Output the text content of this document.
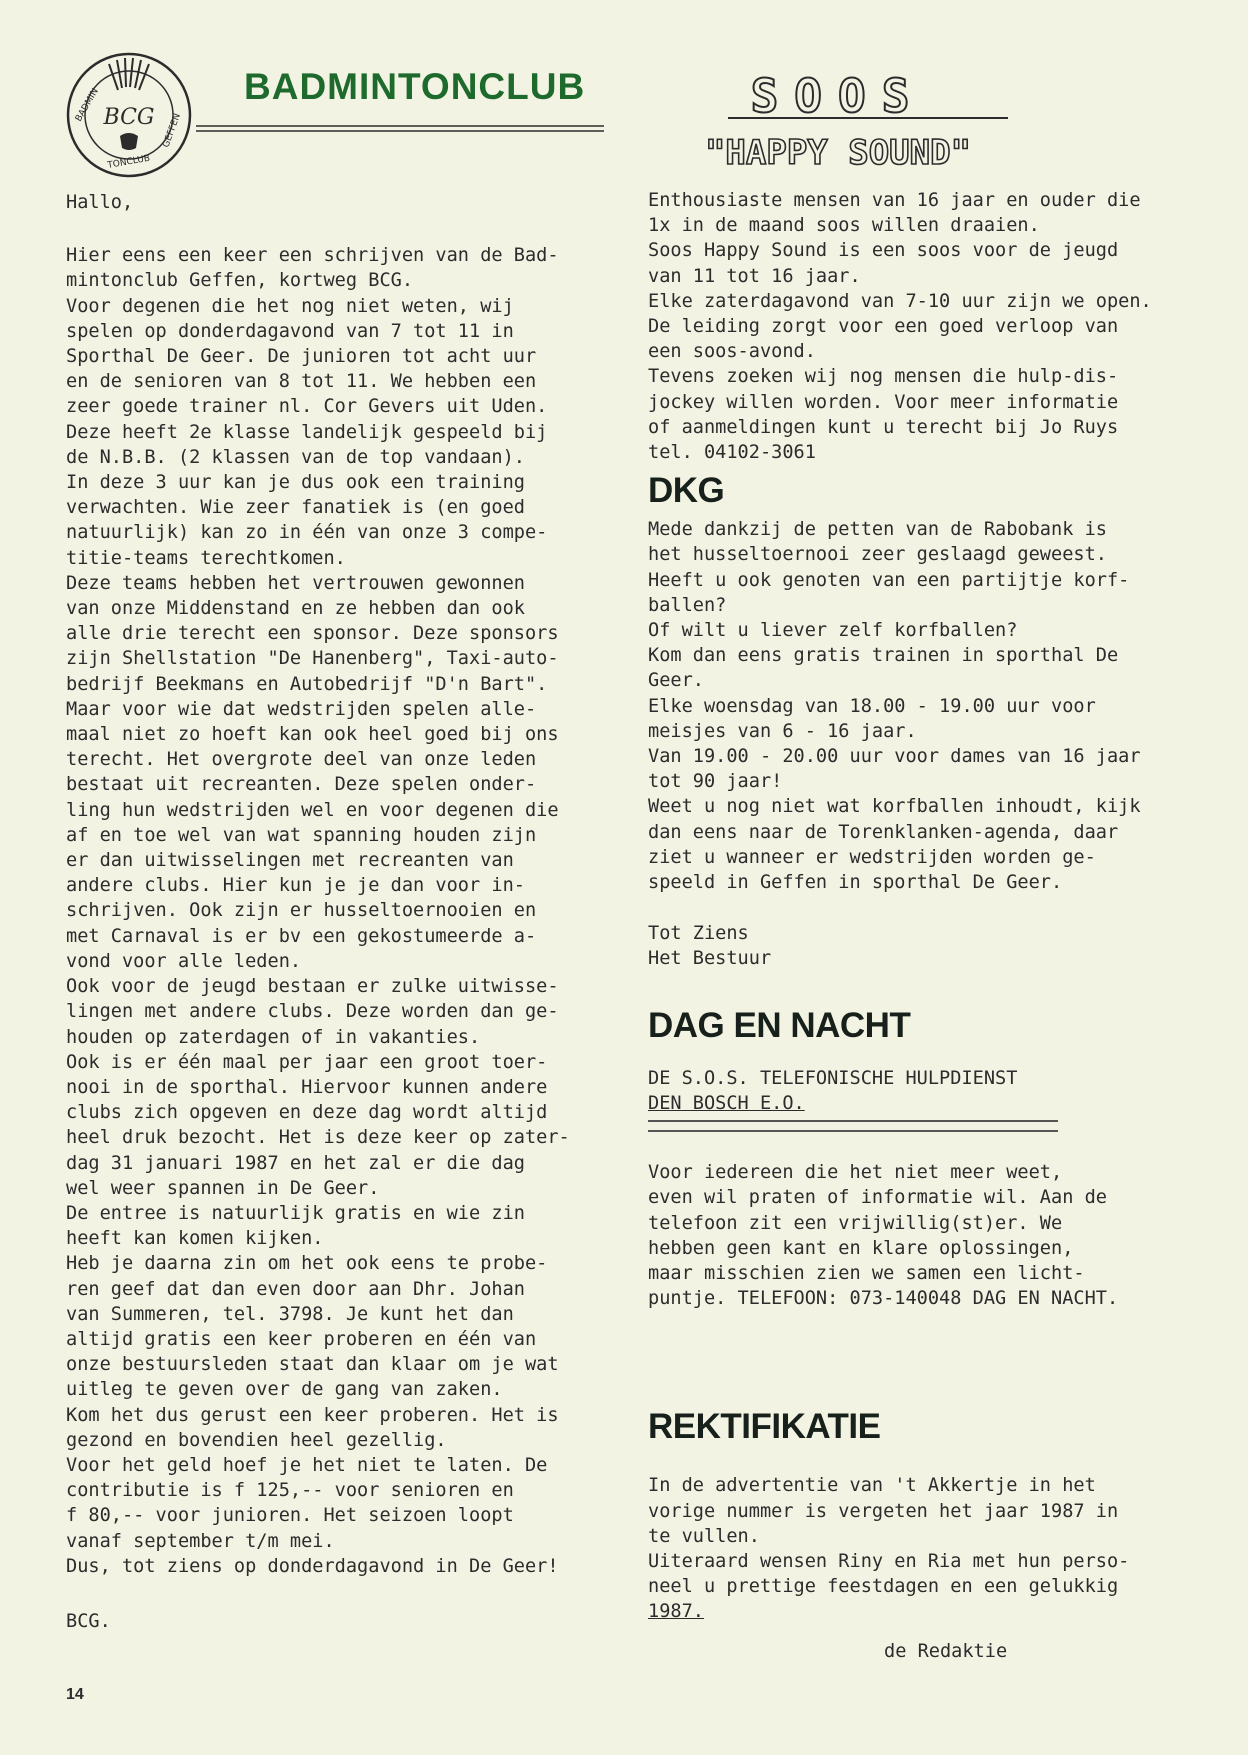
BCG
BADMIN
TONCLUB
GEFFEN
BADMINTONCLUB

Hallo,

Hier eens een keer een schrijven van de Bad-
mintonclub Geffen, kortweg BCG.
Voor degenen die het nog niet weten, wij
spelen op donderdagavond van 7 tot 11 in
Sporthal De Geer. De junioren tot acht uur
en de senioren van 8 tot 11. We hebben een
zeer goede trainer nl. Cor Gevers uit Uden.
Deze heeft 2e klasse landelijk gespeeld bij
de N.B.B. (2 klassen van de top vandaan).
In deze 3 uur kan je dus ook een training
verwachten. Wie zeer fanatiek is (en goed
natuurlijk) kan zo in één van onze 3 compe-
titie-teams terechtkomen.
Deze teams hebben het vertrouwen gewonnen
van onze Middenstand en ze hebben dan ook
alle drie terecht een sponsor. Deze sponsors
zijn Shellstation "De Hanenberg", Taxi-auto-
bedrijf Beekmans en Autobedrijf "D'n Bart".
Maar voor wie dat wedstrijden spelen alle-
maal niet zo hoeft kan ook heel goed bij ons
terecht. Het overgrote deel van onze leden
bestaat uit recreanten. Deze spelen onder-
ling hun wedstrijden wel en voor degenen die
af en toe wel van wat spanning houden zijn
er dan uitwisselingen met recreanten van
andere clubs. Hier kun je je dan voor in-
schrijven. Ook zijn er husseltoernooien en
met Carnaval is er bv een gekostumeerde a-
vond voor alle leden.
Ook voor de jeugd bestaan er zulke uitwisse-
lingen met andere clubs. Deze worden dan ge-
houden op zaterdagen of in vakanties.
Ook is er één maal per jaar een groot toer-
nooi in de sporthal. Hiervoor kunnen andere
clubs zich opgeven en deze dag wordt altijd
heel druk bezocht. Het is deze keer op zater-
dag 31 januari 1987 en het zal er die dag
wel weer spannen in De Geer.
De entree is natuurlijk gratis en wie zin
heeft kan komen kijken.
Heb je daarna zin om het ook eens te probe-
ren geef dat dan even door aan Dhr. Johan
van Summeren, tel. 3798. Je kunt het dan
altijd gratis een keer proberen en één van
onze bestuursleden staat dan klaar om je wat
uitleg te geven over de gang van zaken.
Kom het dus gerust een keer proberen. Het is
gezond en bovendien heel gezellig.
Voor het geld hoef je het niet te laten. De
contributie is f 125,-- voor senioren en
f 80,-- voor junioren. Het seizoen loopt
vanaf september t/m mei.
Dus, tot ziens op donderdagavond in De Geer!

BCG.

14
SOOS
"HAPPY SOUND"

Enthousiaste mensen van 16 jaar en ouder die
1x in de maand soos willen draaien.
Soos Happy Sound is een soos voor de jeugd
van 11 tot 16 jaar.
Elke zaterdagavond van 7-10 uur zijn we open.
De leiding zorgt voor een goed verloop van
een soos-avond.
Tevens zoeken wij nog mensen die hulp-dis-
jockey willen worden. Voor meer informatie
of aanmeldingen kunt u terecht bij Jo Ruys
tel. 04102-3061

DKG

Mede dankzij de petten van de Rabobank is
het husseltoernooi zeer geslaagd geweest.
Heeft u ook genoten van een partijtje korf-
ballen?
Of wilt u liever zelf korfballen?
Kom dan eens gratis trainen in sporthal De
Geer.
Elke woensdag van 18.00 - 19.00 uur voor
meisjes van 6 - 16 jaar.
Van 19.00 - 20.00 uur voor dames van 16 jaar
tot 90 jaar!
Weet u nog niet wat korfballen inhoudt, kijk
dan eens naar de Torenklanken-agenda, daar
ziet u wanneer er wedstrijden worden ge-
speeld in Geffen in sporthal De Geer.

Tot Ziens
Het Bestuur

DAG EN NACHT

DE S.O.S. TELEFONISCHE HULPDIENST

DEN BOSCH E.O.

Voor iedereen die het niet meer weet,
even wil praten of informatie wil. Aan de
telefoon zit een vrijwillig(st)er. We
hebben geen kant en klare oplossingen,
maar misschien zien we samen een licht-
puntje. TELEFOON: 073-140048 DAG EN NACHT.

REKTIFIKATIE

In de advertentie van 't Akkertje in het
vorige nummer is vergeten het jaar 1987 in
te vullen.
Uiteraard wensen Riny en Ria met hun perso-
neel u prettige feestdagen en een gelukkig

1987.

de Redaktie
